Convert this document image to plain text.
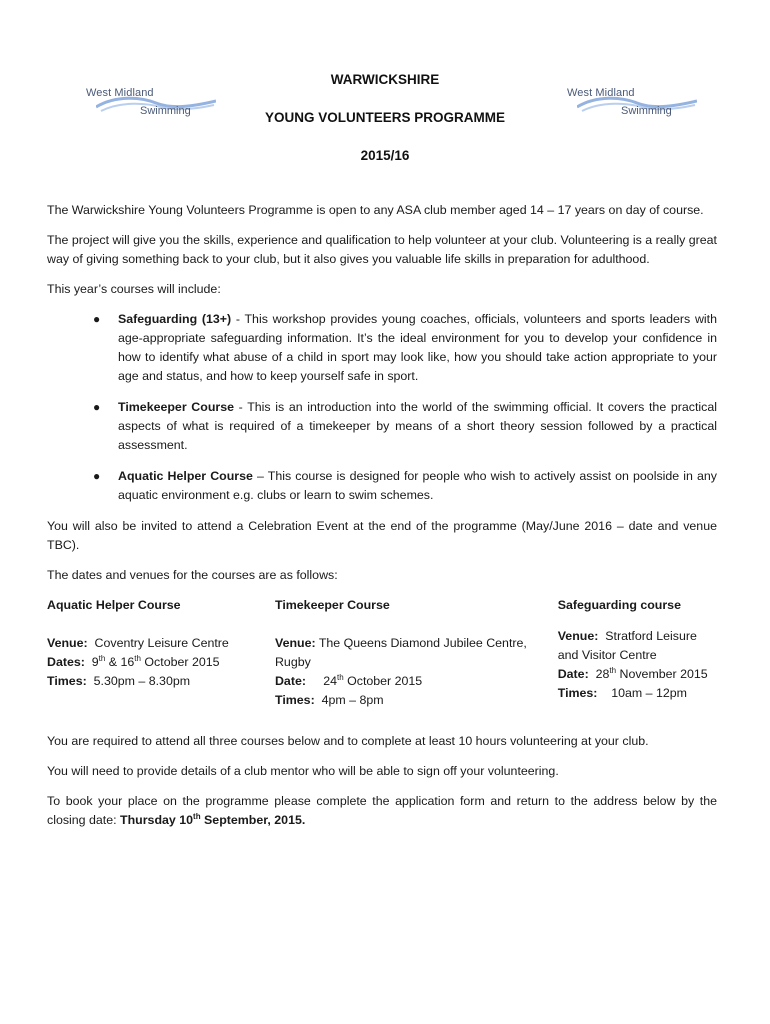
West Midland
Swimming
West Midland
Swimming
WARWICKSHIRE
YOUNG VOLUNTEERS PROGRAMME
2015/16

The Warwickshire Young Volunteers Programme is open to any ASA club member aged 14 – 17 years on day of course.

The project will give you the skills, experience and qualification to help volunteer at your club. Volunteering is a really great way of giving something back to your club, but it also gives you valuable life skills in preparation for adulthood.

This year’s courses will include:

● Safeguarding (13+) - This workshop provides young coaches, officials, volunteers and sports leaders with age-appropriate safeguarding information. It’s the ideal environment for you to develop your confidence in how to identify what abuse of a child in sport may look like, how you should take action appropriate to your age and status, and how to keep yourself safe in sport.
● Timekeeper Course - This is an introduction into the world of the swimming official. It covers the practical aspects of what is required of a timekeeper by means of a short theory session followed by a practical assessment.
● Aquatic Helper Course – This course is designed for people who wish to actively assist on poolside in any aquatic environment e.g. clubs or learn to swim schemes.

You will also be invited to attend a Celebration Event at the end of the programme (May/June 2016 – date and venue TBC).

The dates and venues for the courses are as follows:

Aquatic Helper Course
Venue: Coventry Leisure Centre
Dates: 9th & 16th October 2015
Times: 5.30pm – 8.30pm
Timekeeper Course
Venue: The Queens Diamond Jubilee Centre, Rugby
Date: 24th October 2015
Times: 4pm – 8pm
Safeguarding course
Venue: Stratford Leisure and Visitor Centre
Date: 28th November 2015
Times: 10am – 12pm

You are required to attend all three courses below and to complete at least 10 hours volunteering at your club.

You will need to provide details of a club mentor who will be able to sign off your volunteering.

To book your place on the programme please complete the application form and return to the address below by the closing date: Thursday 10th September, 2015.
